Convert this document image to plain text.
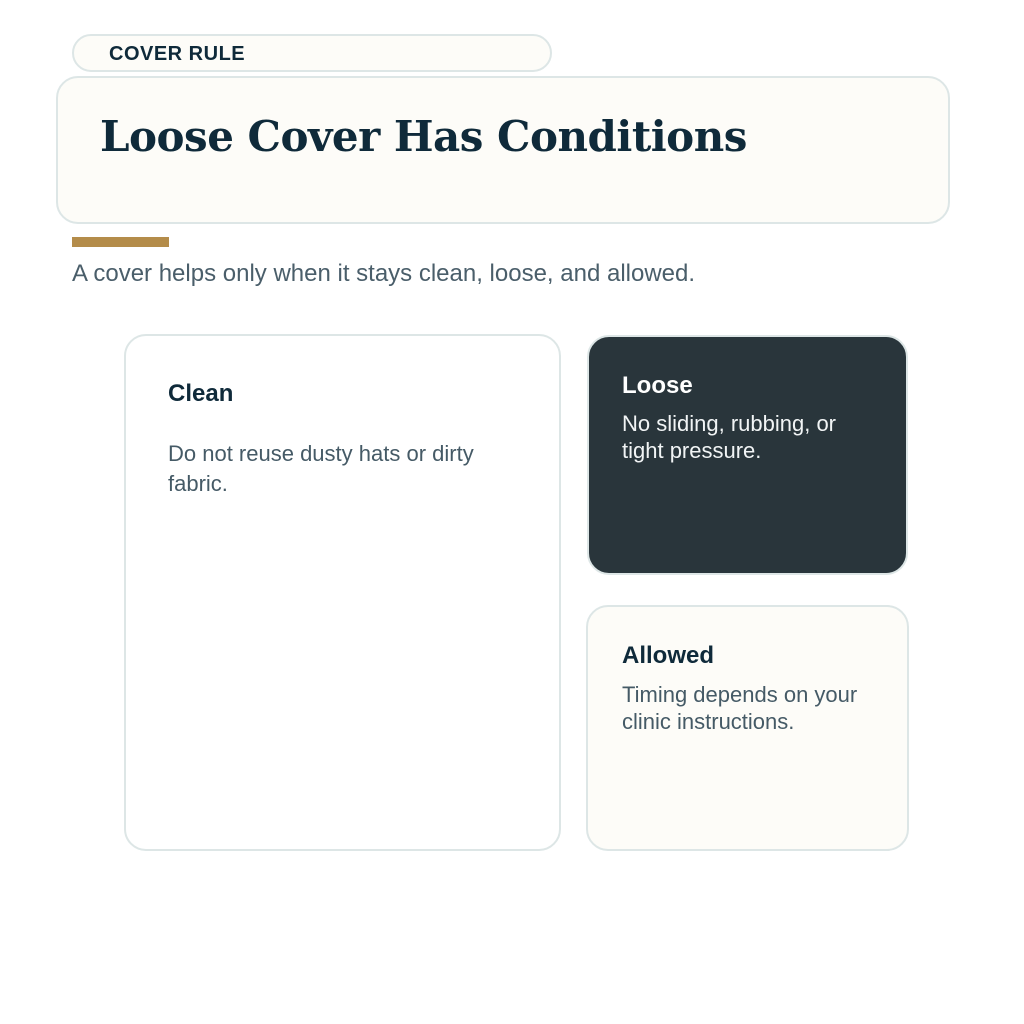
COVER RULE
Loose Cover Has Conditions
A cover helps only when it stays clean, loose, and allowed.
Clean

Do not reuse dusty hats or dirty fabric.

Loose

No sliding, rubbing, or tight pressure.

Allowed

Timing depends on your clinic instructions.
